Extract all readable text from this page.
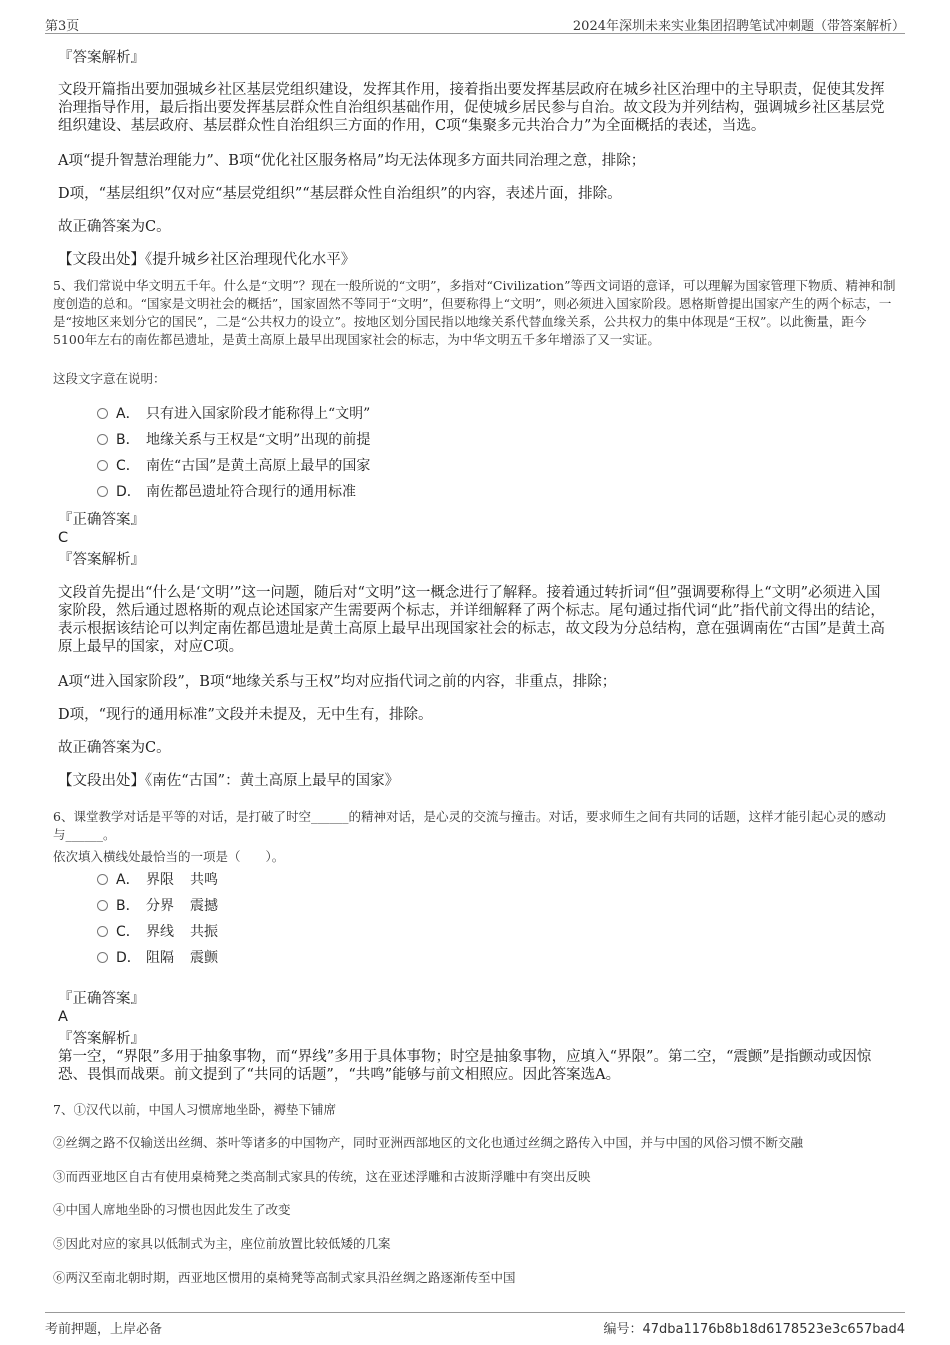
第3页	2024年深圳未来实业集团招聘笔试冲刺题（带答案解析）
『答案解析』
文段开篇指出要加强城乡社区基层党组织建设，发挥其作用，接着指出要发挥基层政府在城乡社区治理中的主导职责，促使其发挥治理指导作用，最后指出要发挥基层群众性自治组织基础作用，促使城乡居民参与自治。故文段为并列结构，强调城乡社区基层党组织建设、基层政府、基层群众性自治组织三方面的作用，C项“集聚多元共治合力”为全面概括的表述，当选。
A项“提升智慧治理能力”、B项“优化社区服务格局”均无法体现多方面共同治理之意，排除；
D项，“基层组织”仅对应“基层党组织”“基层群众性自治组织”的内容，表述片面，排除。
故正确答案为C。
【文段出处】《提升城乡社区治理现代化水平》
5、我们常说中华文明五千年。什么是“文明”？现在一般所说的“文明”，多指对“Civilization”等西文词语的意译，可以理解为国家管理下物质、精神和制度创造的总和。“国家是文明社会的概括”，国家固然不等同于“文明”，但要称得上“文明”，则必须进入国家阶段。恩格斯曾提出国家产生的两个标志，一是“按地区来划分它的国民”，二是“公共权力的设立”。按地区划分国民指以地缘关系代替血缘关系，公共权力的集中体现是“王权”。以此衡量，距今5100年左右的南佐都邑遗址，是黄土高原上最早出现国家社会的标志，为中华文明五千多年增添了又一实证。
这段文字意在说明：
A． 只有进入国家阶段才能称得上“文明”
B． 地缘关系与王权是“文明”出现的前提
C． 南佐“古国”是黄土高原上最早的国家
D． 南佐都邑遗址符合现行的通用标准
『正确答案』
C
『答案解析』
文段首先提出“什么是‘文明’”这一问题，随后对“文明”这一概念进行了解释。接着通过转折词“但”强调要称得上“文明”必须进入国家阶段，然后通过恩格斯的观点论述国家产生需要两个标志，并详细解释了两个标志。尾句通过指代词“此”指代前文得出的结论，表示根据该结论可以判定南佐都邑遗址是黄土高原上最早出现国家社会的标志，故文段为分总结构，意在强调南佐“古国”是黄土高原上最早的国家，对应C项。
A项“进入国家阶段”，B项“地缘关系与王权”均对应指代词之前的内容，非重点，排除；
D项，“现行的通用标准”文段并未提及，无中生有，排除。
故正确答案为C。
【文段出处】《南佐“古国”：黄土高原上最早的国家》
6、课堂教学对话是平等的对话，是打破了时空______的精神对话，是心灵的交流与撞击。对话，要求师生之间有共同的话题，这样才能引起心灵的感动与______。
依次填入横线处最恰当的一项是（　　）。
A． 界限 共鸣
B． 分界 震撼
C． 界线 共振
D． 阻隔 震颤
『正确答案』
A
『答案解析』
第一空，“界限”多用于抽象事物，而“界线”多用于具体事物；时空是抽象事物，应填入“界限”。第二空，“震颤”是指颤动或因惊恐、畏惧而战栗。前文提到了“共同的话题”，“共鸣”能够与前文相照应。因此答案选A。
7、①汉代以前，中国人习惯席地坐卧，褥垫下铺席
②丝绸之路不仅输送出丝绸、茶叶等诸多的中国物产，同时亚洲西部地区的文化也通过丝绸之路传入中国，并与中国的风俗习惯不断交融
③而西亚地区自古有使用桌椅凳之类高制式家具的传统，这在亚述浮雕和古波斯浮雕中有突出反映
④中国人席地坐卧的习惯也因此发生了改变
⑤因此对应的家具以低制式为主，座位前放置比较低矮的几案
⑥两汉至南北朝时期，西亚地区惯用的桌椅凳等高制式家具沿丝绸之路逐渐传至中国
考前押题，上岸必备	编号：47dba1176b8b18d6178523e3c657bad4
